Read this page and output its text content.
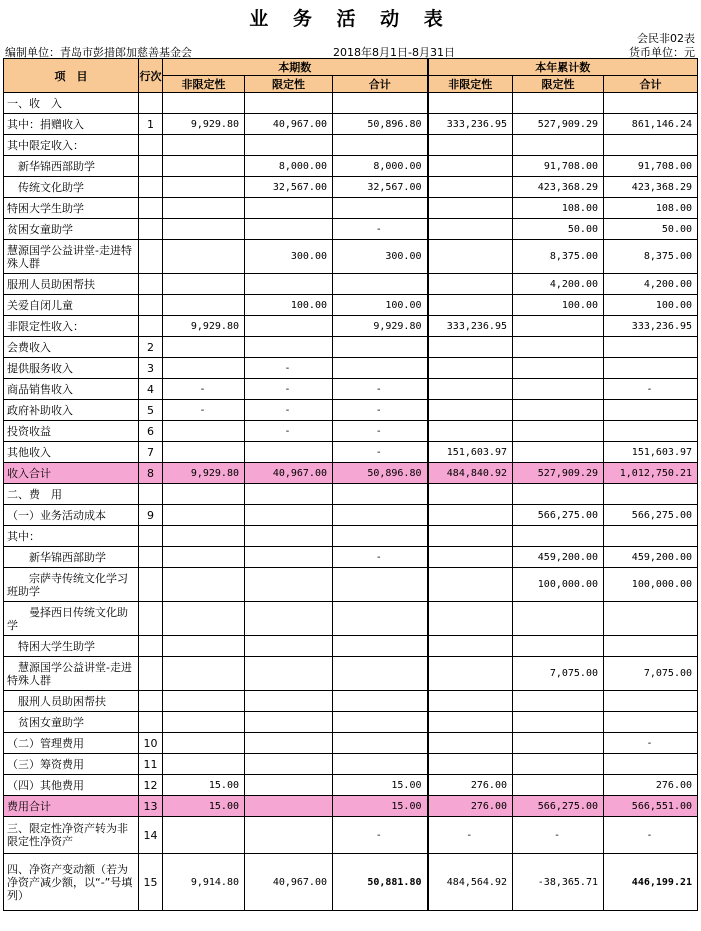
业 务 活 动 表
会民非02表
编制单位：青岛市彭措郎加慈善基金会	2018年8月1日-8月31日	货币单位：元
项　目	行次	本期数			本年累计数		
		非限定性	限定性	合计	非限定性	限定性	合计
一、收　入							
其中：捐赠收入	1	9,929.80	40,967.00	50,896.80	333,236.95	527,909.29	861,146.24
其中限定收入：							
　新华锦西部助学			8,000.00	8,000.00		91,708.00	91,708.00
　传统文化助学			32,567.00	32,567.00		423,368.29	423,368.29
特困大学生助学						108.00	108.00
贫困女童助学				-		50.00	50.00
慧源国学公益讲堂-走进特殊人群			300.00	300.00		8,375.00	8,375.00
服刑人员助困帮扶						4,200.00	4,200.00
关爱自闭儿童			100.00	100.00		100.00	100.00
非限定性收入：		9,929.80		9,929.80	333,236.95		333,236.95
会费收入	2						
提供服务收入	3		-				
商品销售收入	4	-	-	-			-
政府补助收入	5	-	-	-			
投资收益	6		-	-			
其他收入	7			-	151,603.97		151,603.97
收入合计	8	9,929.80	40,967.00	50,896.80	484,840.92	527,909.29	1,012,750.21
二、费　用							
（一）业务活动成本	9					566,275.00	566,275.00
其中：							
　　新华锦西部助学				-		459,200.00	459,200.00
　　宗萨寺传统文化学习班助学						100,000.00	100,000.00
　　曼择西日传统文化助学							
　特困大学生助学							
　慧源国学公益讲堂-走进特殊人群						7,075.00	7,075.00
　服刑人员助困帮扶							
　贫困女童助学							
（二）管理费用	10						-
（三）筹资费用	11						
（四）其他费用	12	15.00		15.00	276.00		276.00
费用合计	13	15.00		15.00	276.00	566,275.00	566,551.00
三、限定性净资产转为非限定性净资产	14			-	-	-	-
四、净资产变动额（若为净资产减少额，以“-”号填列）	15	9,914.80	40,967.00	50,881.80	484,564.92	-38,365.71	446,199.21
